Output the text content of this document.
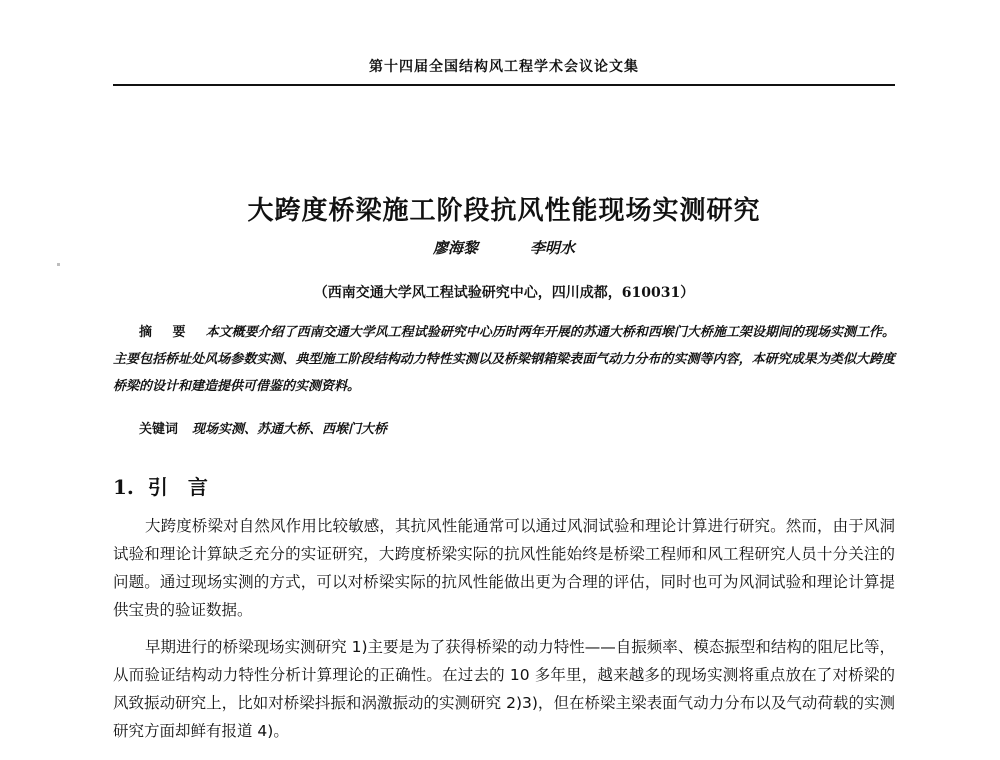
第十四届全国结构风工程学术会议论文集
大跨度桥梁施工阶段抗风性能现场实测研究
廖海黎	李明水
（西南交通大学风工程试验研究中心，四川成都，610031）
摘 要 本文概要介绍了西南交通大学风工程试验研究中心历时两年开展的苏通大桥和西堠门大桥施工架设期间的现场实测工作。主要包括桥址处风场参数实测、典型施工阶段结构动力特性实测以及桥梁钢箱梁表面气动力分布的实测等内容，本研究成果为类似大跨度桥梁的设计和建造提供可借鉴的实测资料。
关键词 现场实测、苏通大桥、西堠门大桥
1. 引言
大跨度桥梁对自然风作用比较敏感，其抗风性能通常可以通过风洞试验和理论计算进行研究。然而，由于风洞试验和理论计算缺乏充分的实证研究，大跨度桥梁实际的抗风性能始终是桥梁工程师和风工程研究人员十分关注的问题。通过现场实测的方式，可以对桥梁实际的抗风性能做出更为合理的评估，同时也可为风洞试验和理论计算提供宝贵的验证数据。
早期进行的桥梁现场实测研究 1)主要是为了获得桥梁的动力特性——自振频率、模态振型和结构的阻尼比等，从而验证结构动力特性分析计算理论的正确性。在过去的 10 多年里，越来越多的现场实测将重点放在了对桥梁的风致振动研究上，比如对桥梁抖振和涡激振动的实测研究 2)3)，但在桥梁主梁表面气动力分布以及气动荷载的实测研究方面却鲜有报道 4)。
